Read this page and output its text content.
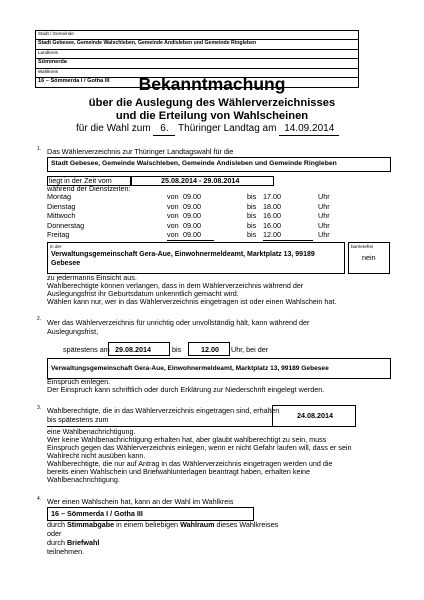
Stadt / Gemeinde
Stadt Gebesee, Gemeinde Walschleben, Gemeinde Andisleben und Gemeinde Ringleben
Landkreis
Sömmerda
Wahlkreis
16 – Sömmerda I / Gotha III	Bekanntmachung
über die Auslegung des Wählerverzeichnisses
und die Erteilung von Wahlscheinen
für die Wahl zum 6. Thüringer Landtag am 14.09.2014
1. Das Wählerverzeichnis zur Thüringer Landtagswahl für die
Stadt Gebesee, Gemeinde Walschleben, Gemeinde Andisleben und Gemeinde Ringleben
liegt in der Zeit vom	25.08.2014 - 29.08.2014
während der Dienstzeiten:
Montag	von 09.00	bis 17.00	Uhr
Dienstag	von 09.00	bis 18.00	Uhr
Mittwoch	von 09.00	bis 16.00	Uhr
Donnerstag	von 09.00	bis 16.00	Uhr
Freitag	von 09.00	bis 12.00	Uhr
in der
Verwaltungsgemeinschaft Gera-Aue, Einwohnermeldeamt, Marktplatz 13, 99189 Gebesee
barrierefrei
nein
zu jedermanns Einsicht aus.
Wahlberechtigte können verlangen, dass in dem Wählerverzeichnis während der
Auslegungsfrist ihr Geburtsdatum unkenntlich gemacht wird.
Wählen kann nur, wer in das Wählerverzeichnis eingetragen ist oder einen Wahlschein hat.
2. Wer das Wählerverzeichnis für unrichtig oder unvollständig hält, kann während der
Auslegungsfrist,
spätestens am 29.08.2014	bis	12.00 Uhr, bei der
Verwaltungsgemeinschaft Gera-Aue, Einwohnermeldeamt, Marktplatz 13, 99189 Gebesee
Einspruch einlegen.
Der Einspruch kann schriftlich oder durch Erklärung zur Niederschrift eingelegt werden.
3. Wahlberechtigte, die in das Wählerverzeichnis eingetragen sind, erhalten
bis spätestens zum	24.08.2014
eine Wahlbenachrichtigung.
Wer keine Wahlbenachrichtigung erhalten hat, aber glaubt wahlberechtigt zu sein, muss
Einspruch gegen das Wählerverzeichnis einlegen, wenn er nicht Gefahr laufen will, dass er sein
Wahlrecht nicht ausüben kann.
Wahlberechtigte, die nur auf Antrag in das Wählerverzeichnis eingetragen werden und die
bereits einen Wahlschein und Briefwahlunterlagen beantragt haben, erhalten keine
Wahlbenachrichtigung.
4. Wer einen Wahlschein hat, kann an der Wahl im Wahlkreis
16 – Sömmerda I / Gotha III
durch Stimmabgabe in einem beliebigen Wahlraum dieses Wahlkreises
oder
durch Briefwahl
teilnehmen.
